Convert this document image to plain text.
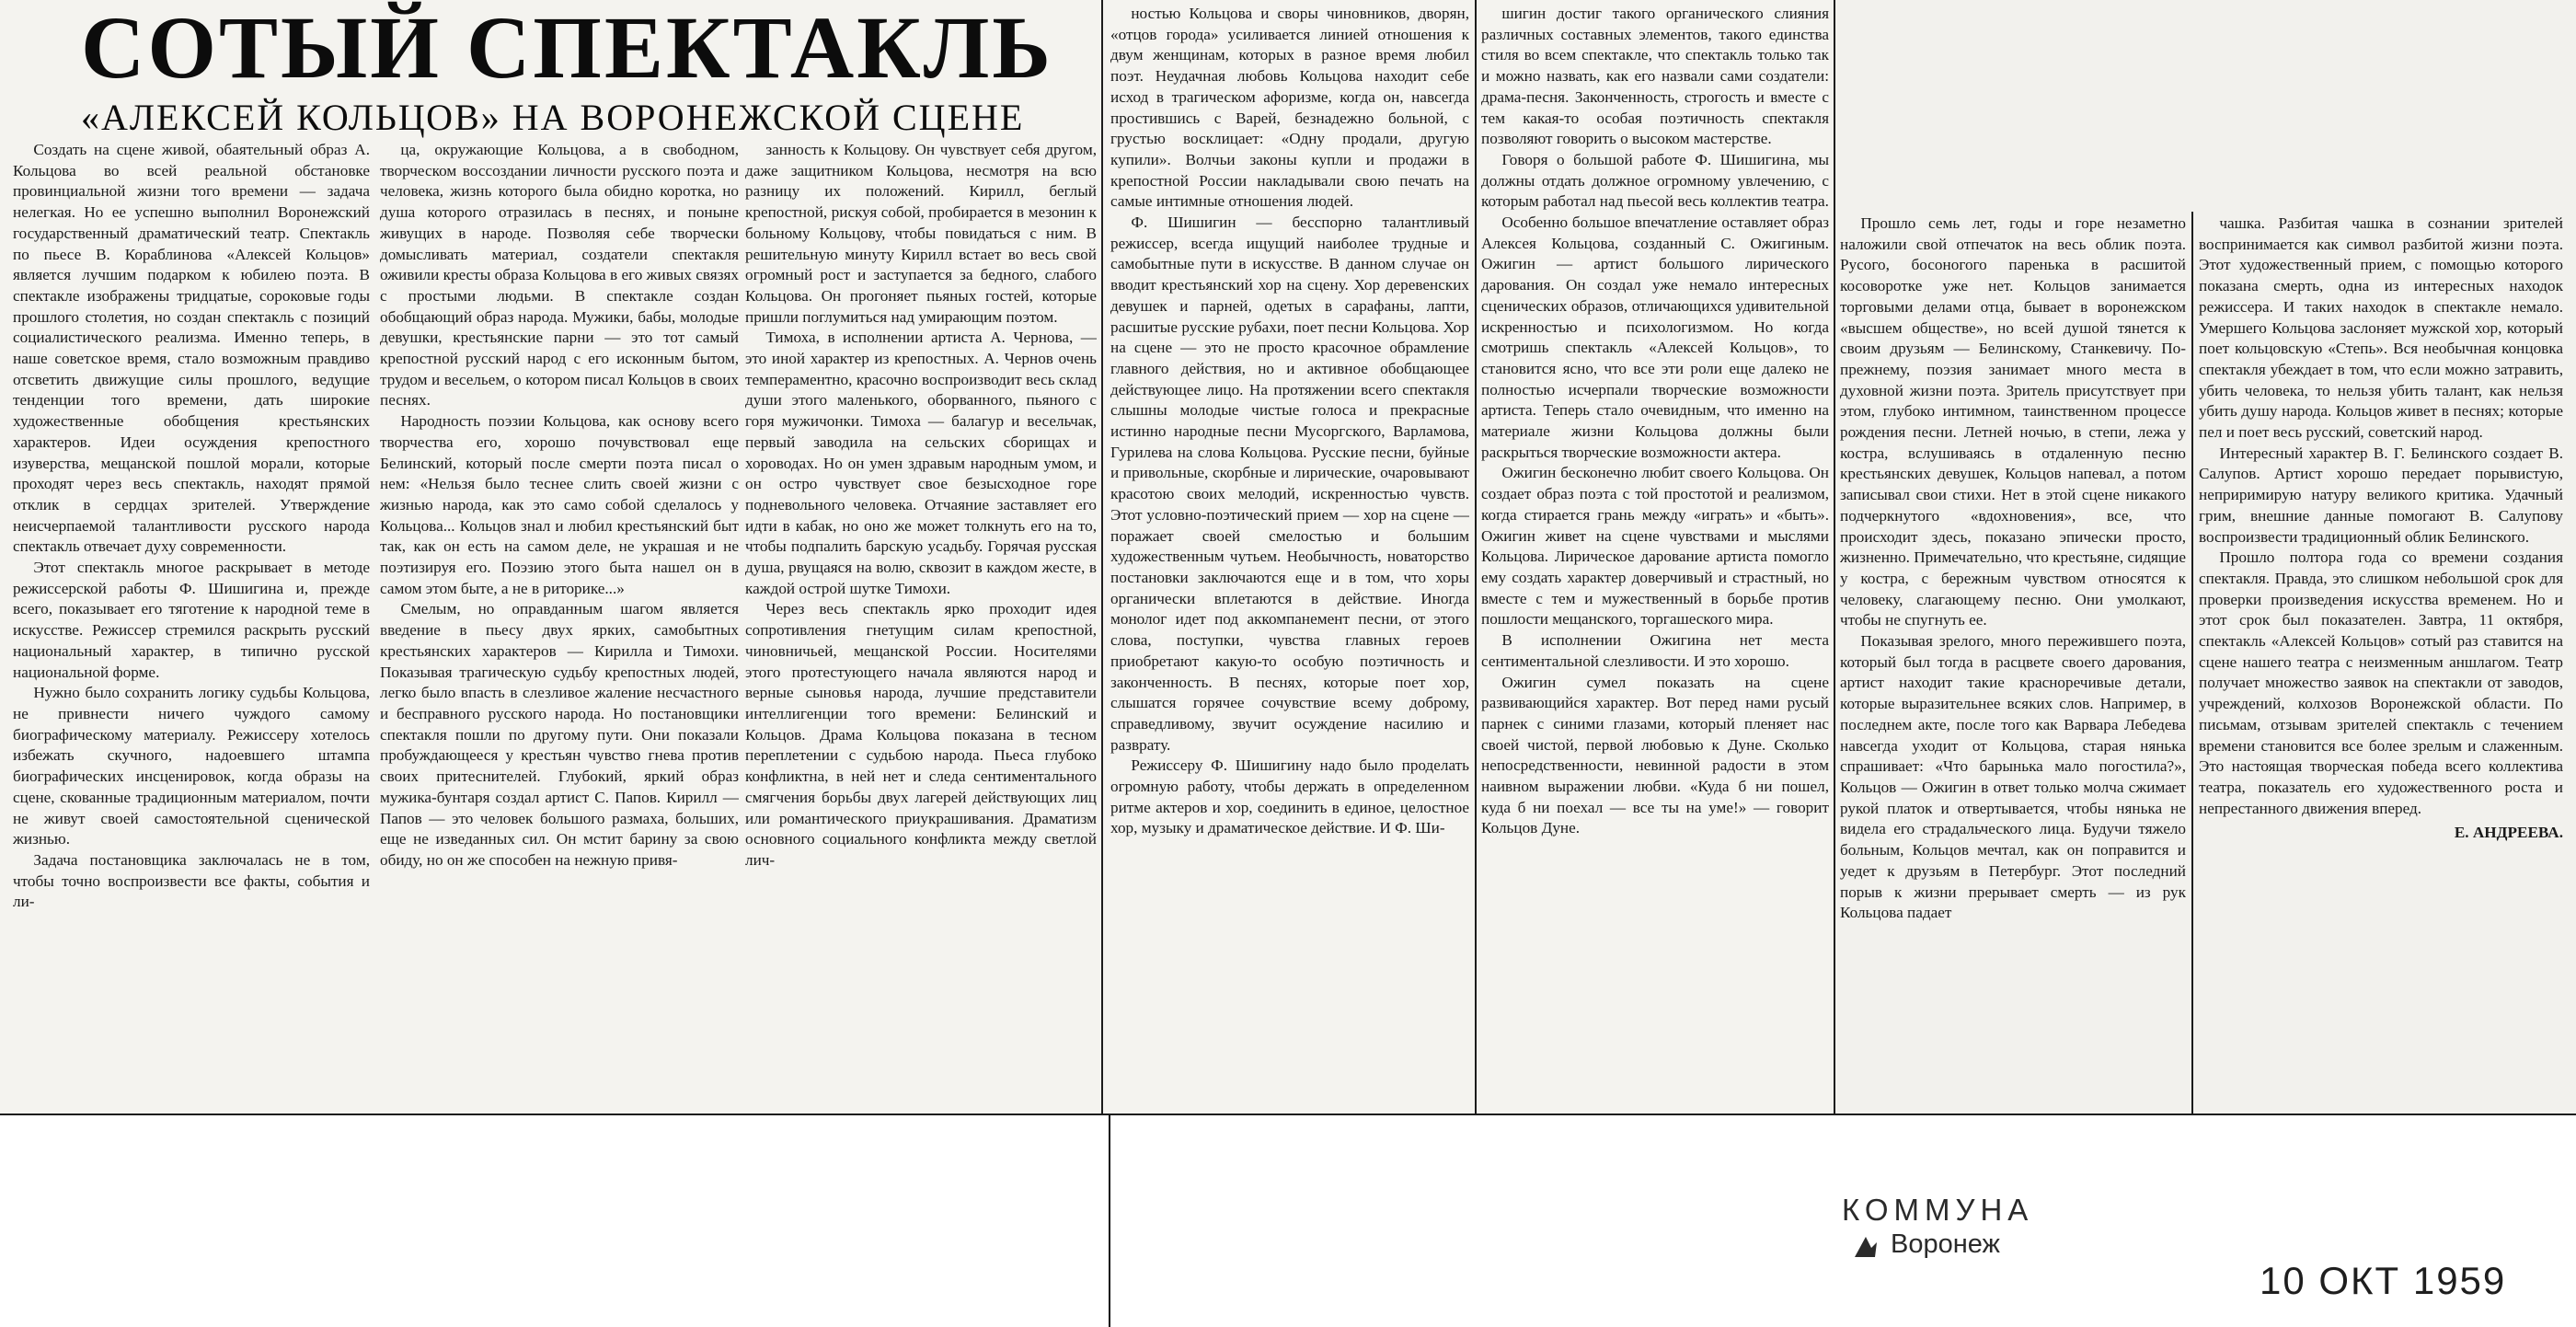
СОТЫЙ СПЕКТАКЛЬ
«АЛЕКСЕЙ КОЛЬЦОВ» НА ВОРОНЕЖСКОЙ СЦЕНЕ

Создать на сцене живой, обаятельный образ А. Кольцова во всей реальной обстановке провинциальной жизни того времени — задача нелегкая. Но ее успешно выполнил Воронежский государственный драматический театр. Спектакль по пьесе В. Кораблинова «Алексей Кольцов» является лучшим подарком к юбилею поэта. В спектакле изображены тридцатые, сороковые годы прошлого столетия, но создан спектакль с позиций социалистического реализма. Именно теперь, в наше советское время, стало возможным правдиво отсветить движущие силы прошлого, ведущие тенденции того времени, дать широкие художественные обобщения крестьянских характеров. Идеи осуждения крепостного изуверства, мещанской пошлой морали, которые проходят через весь спектакль, находят прямой отклик в сердцах зрителей. Утверждение неисчерпаемой талантливости русского народа спектакль отвечает духу современности.

Этот спектакль многое раскрывает в методе режиссерской работы Ф. Шишигина и, прежде всего, показывает его тяготение к народной теме в искусстве. Режиссер стремился раскрыть русский национальный характер, в типично русской национальной форме.

Нужно было сохранить логику судьбы Кольцова, не привнести ничего чуждого самому биографическому материалу. Режиссеру хотелось избежать скучного, надоевшего штампа биографических инсценировок, когда образы на сцене, скованные традиционным материалом, почти не живут своей самостоятельной сценической жизнью.

Задача постановщика заключалась не в том, чтобы точно воспроизвести все факты, события и ли-

ца, окружающие Кольцова, а в свободном, творческом воссоздании личности русского поэта и человека, жизнь которого была обидно коротка, но душа которого отразилась в песнях, и поныне живущих в народе. Позволяя себе творчески домысливать материал, создатели спектакля оживили кресты образа Кольцова в его живых связях с простыми людьми. В спектакле создан обобщающий образ народа. Мужики, бабы, молодые девушки, крестьянские парни — это тот самый крепостной русский народ с его исконным бытом, трудом и весельем, о котором писал Кольцов в своих песнях.

Народность поэзии Кольцова, как основу всего творчества его, хорошо почувствовал еще Белинский, который после смерти поэта писал о нем: «Нельзя было теснее слить своей жизни с жизнью народа, как это само собой сделалось у Кольцова... Кольцов знал и любил крестьянский быт так, как он есть на самом деле, не украшая и не поэтизируя его. Поэзию этого быта нашел он в самом этом быте, а не в риторике...»

Смелым, но оправданным шагом является введение в пьесу двух ярких, самобытных крестьянских характеров — Кирилла и Тимохи. Показывая трагическую судьбу крепостных людей, легко было впасть в слезливое жаление несчастного и бесправного русского народа. Но постановщики спектакля пошли по другому пути. Они показали пробуждающееся у крестьян чувство гнева против своих притеснителей. Глубокий, яркий образ мужика-бунтаря создал артист С. Папов. Кирилл — Папов — это человек большого размаха, больших, еще не изведанных сил. Он мстит барину за свою обиду, но он же способен на нежную привя-

занность к Кольцову. Он чувствует себя другом, даже защитником Кольцова, несмотря на всю разницу их положений. Кирилл, беглый крепостной, рискуя собой, пробирается в мезонин к больному Кольцову, чтобы повидаться с ним. В решительную минуту Кирилл встает во весь свой огромный рост и заступается за бедного, слабого Кольцова. Он прогоняет пьяных гостей, которые пришли поглумиться над умирающим поэтом.

Тимоха, в исполнении артиста А. Чернова, — это иной характер из крепостных. А. Чернов очень темпераментно, красочно воспроизводит весь склад души этого маленького, оборванного, пьяного с горя мужичонки. Тимоха — балагур и весельчак, первый заводила на сельских сборищах и хороводах. Но он умен здравым народным умом, и он остро чувствует свое безысходное горе подневольного человека. Отчаяние заставляет его идти в кабак, но оно же может толкнуть его на то, чтобы подпалить барскую усадьбу. Горячая русская душа, рвущаяся на волю, сквозит в каждом жесте, в каждой острой шутке Тимохи.

Через весь спектакль ярко проходит идея сопротивления гнетущим силам крепостной, чиновничьей, мещанской России. Носителями этого протестующего начала являются народ и верные сыновья народа, лучшие представители интеллигенции того времени: Белинский и Кольцов. Драма Кольцова показана в тесном переплетении с судьбою народа. Пьеса глубоко конфликтна, в ней нет и следа сентиментального смягчения борьбы двух лагерей действующих лиц или романтического приукрашивания. Драматизм основного социального конфликта между светлой лич-

ностью Кольцова и своры чиновников, дворян, «отцов города» усиливается линией отношения к двум женщинам, которых в разное время любил поэт. Неудачная любовь Кольцова находит себе исход в трагическом афоризме, когда он, навсегда простившись с Варей, безнадежно больной, с грустью восклицает: «Одну продали, другую купили». Волчьи законы купли и продажи в крепостной России накладывали свою печать на самые интимные отношения людей.

Ф. Шишигин — бесспорно талантливый режиссер, всегда ищущий наиболее трудные и самобытные пути в искусстве. В данном случае он вводит крестьянский хор на сцену. Хор деревенских девушек и парней, одетых в сарафаны, лапти, расшитые русские рубахи, поет песни Кольцова. Хор на сцене — это не просто красочное обрамление главного действия, но и активное обобщающее действующее лицо. На протяжении всего спектакля слышны молодые чистые голоса и прекрасные истинно народные песни Мусоргского, Варламова, Гурилева на слова Кольцова. Русские песни, буйные и привольные, скорбные и лирические, очаровывают красотою своих мелодий, искренностью чувств. Этот условно-поэтический прием — хор на сцене — поражает своей смелостью и большим художественным чутьем. Необычность, новаторство постановки заключаются еще и в том, что хоры органически вплетаются в действие. Иногда монолог идет под аккомпанемент песни, от этого слова, поступки, чувства главных героев приобретают какую-то особую поэтичность и законченность. В песнях, которые поет хор, слышатся горячее сочувствие всему доброму, справедливому, звучит осуждение насилию и разврату.

Режиссеру Ф. Шишигину надо было проделать огромную работу, чтобы держать в определенном ритме актеров и хор, соединить в единое, целостное хор, музыку и драматическое действие. И Ф. Ши-

шигин достиг такого органического слияния различных составных элементов, такого единства стиля во всем спектакле, что спектакль только так и можно назвать, как его назвали сами создатели: драма-песня. Законченность, строгость и вместе с тем какая-то особая поэтичность спектакля позволяют говорить о высоком мастерстве.

Говоря о большой работе Ф. Шишигина, мы должны отдать должное огромному увлечению, с которым работал над пьесой весь коллектив театра.

Особенно большое впечатление оставляет образ Алексея Кольцова, созданный С. Ожигиным. Ожигин — артист большого лирического дарования. Он создал уже немало интересных сценических образов, отличающихся удивительной искренностью и психологизмом. Но когда смотришь спектакль «Алексей Кольцов», то становится ясно, что все эти роли еще далеко не полностью исчерпали творческие возможности артиста. Теперь стало очевидным, что именно на материале жизни Кольцова должны были раскрыться творческие возможности актера.

Ожигин бесконечно любит своего Кольцова. Он создает образ поэта с той простотой и реализмом, когда стирается грань между «играть» и «быть». Ожигин живет на сцене чувствами и мыслями Кольцова. Лирическое дарование артиста помогло ему создать характер доверчивый и страстный, но вместе с тем и мужественный в борьбе против пошлости мещанского, торгашеского мира.

В исполнении Ожигина нет места сентиментальной слезливости. И это хорошо.

Ожигин сумел показать на сцене развивающийся характер. Вот перед нами русый парнек с синими глазами, который пленяет нас своей чистой, первой любовью к Дуне. Сколько непосредственности, невинной радости в этом наивном выражении любви. «Куда б ни пошел, куда б ни поехал — все ты на уме!» — говорит Кольцов Дуне.

Прошло семь лет, годы и горе незаметно наложили свой отпечаток на весь облик поэта. Русого, босоногого паренька в расшитой косоворотке уже нет. Кольцов занимается торговыми делами отца, бывает в воронежском «высшем обществе», но всей душой тянется к своим друзьям — Белинскому, Станкевичу. По-прежнему, поэзия занимает много места в духовной жизни поэта. Зритель присутствует при этом, глубоко интимном, таинственном процессе рождения песни. Летней ночью, в степи, лежа у костра, вслушиваясь в отдаленную песню крестьянских девушек, Кольцов напевал, а потом записывал свои стихи. Нет в этой сцене никакого подчеркнутого «вдохновения», все, что происходит здесь, показано эпически просто, жизненно. Примечательно, что крестьяне, сидящие у костра, с бережным чувством относятся к человеку, слагающему песню. Они умолкают, чтобы не спугнуть ее.

Показывая зрелого, много пережившего поэта, который был тогда в расцвете своего дарования, артист находит такие красноречивые детали, которые выразительнее всяких слов. Например, в последнем акте, после того как Варвара Лебедева навсегда уходит от Кольцова, старая нянька спрашивает: «Что барынька мало погостила?», Кольцов — Ожигин в ответ только молча сжимает рукой платок и отвертывается, чтобы нянька не видела его страдальческого лица. Будучи тяжело больным, Кольцов мечтал, как он поправится и уедет к друзьям в Петербург. Этот последний порыв к жизни прерывает смерть — из рук Кольцова падает

чашка. Разбитая чашка в сознании зрителей воспринимается как символ разбитой жизни поэта. Этот художественный прием, с помощью которого показана смерть, одна из интересных находок режиссера. И таких находок в спектакле немало. Умершего Кольцова заслоняет мужской хор, который поет кольцовскую «Степь». Вся необычная концовка спектакля убеждает в том, что если можно затравить, убить человека, то нельзя убить талант, как нельзя убить душу народа. Кольцов живет в песнях; которые пел и поет весь русский, советский народ.

Интересный характер В. Г. Белинского создает В. Салупов. Артист хорошо передает порывистую, неприримирую натуру великого критика. Удачный грим, внешние данные помогают В. Салупову воспроизвести традиционный облик Белинского.

Прошло полтора года со времени создания спектакля. Правда, это слишком небольшой срок для проверки произведения искусства временем. Но и этот срок был показателен. Завтра, 11 октября, спектакль «Алексей Кольцов» сотый раз ставится на сцене нашего театра с неизменным аншлагом. Театр получает множество заявок на спектакли от заводов, учреждений, колхозов Воронежской области. По письмам, отзывам зрителей спектакль с течением времени становится все более зрелым и слаженным. Это настоящая творческая победа всего коллектива театра, показатель его художественного роста и непрестанного движения вперед.

Е. АНДРЕЕВА.

КОММУНА
Воронеж
10 ОКТ 1959
